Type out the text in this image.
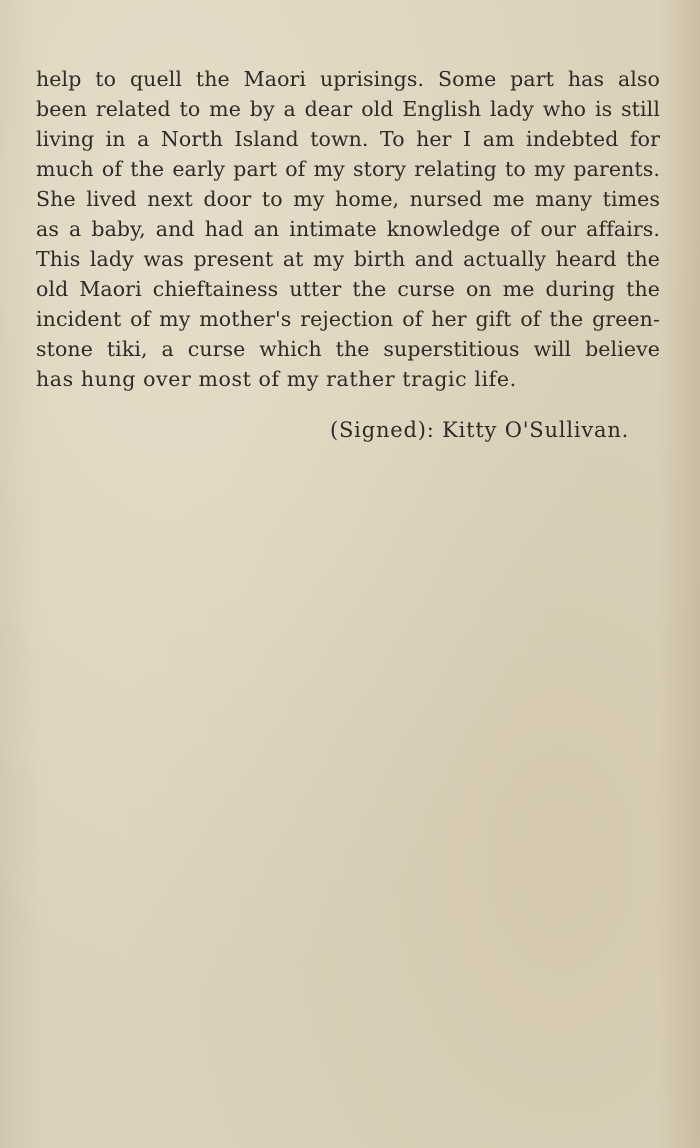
help to quell the Maori uprisings. Some part has also
been related to me by a dear old English lady who is still
living in a North Island town. To her I am indebted for
much of the early part of my story relating to my parents.
She lived next door to my home, nursed me many times
as a baby, and had an intimate knowledge of our affairs.
This lady was present at my birth and actually heard the
old Maori chieftainess utter the curse on me during the
incident of my mother's rejection of her gift of the green-
stone tiki, a curse which the superstitious will believe
has hung over most of my rather tragic life.
(Signed): Kitty O'Sullivan.
